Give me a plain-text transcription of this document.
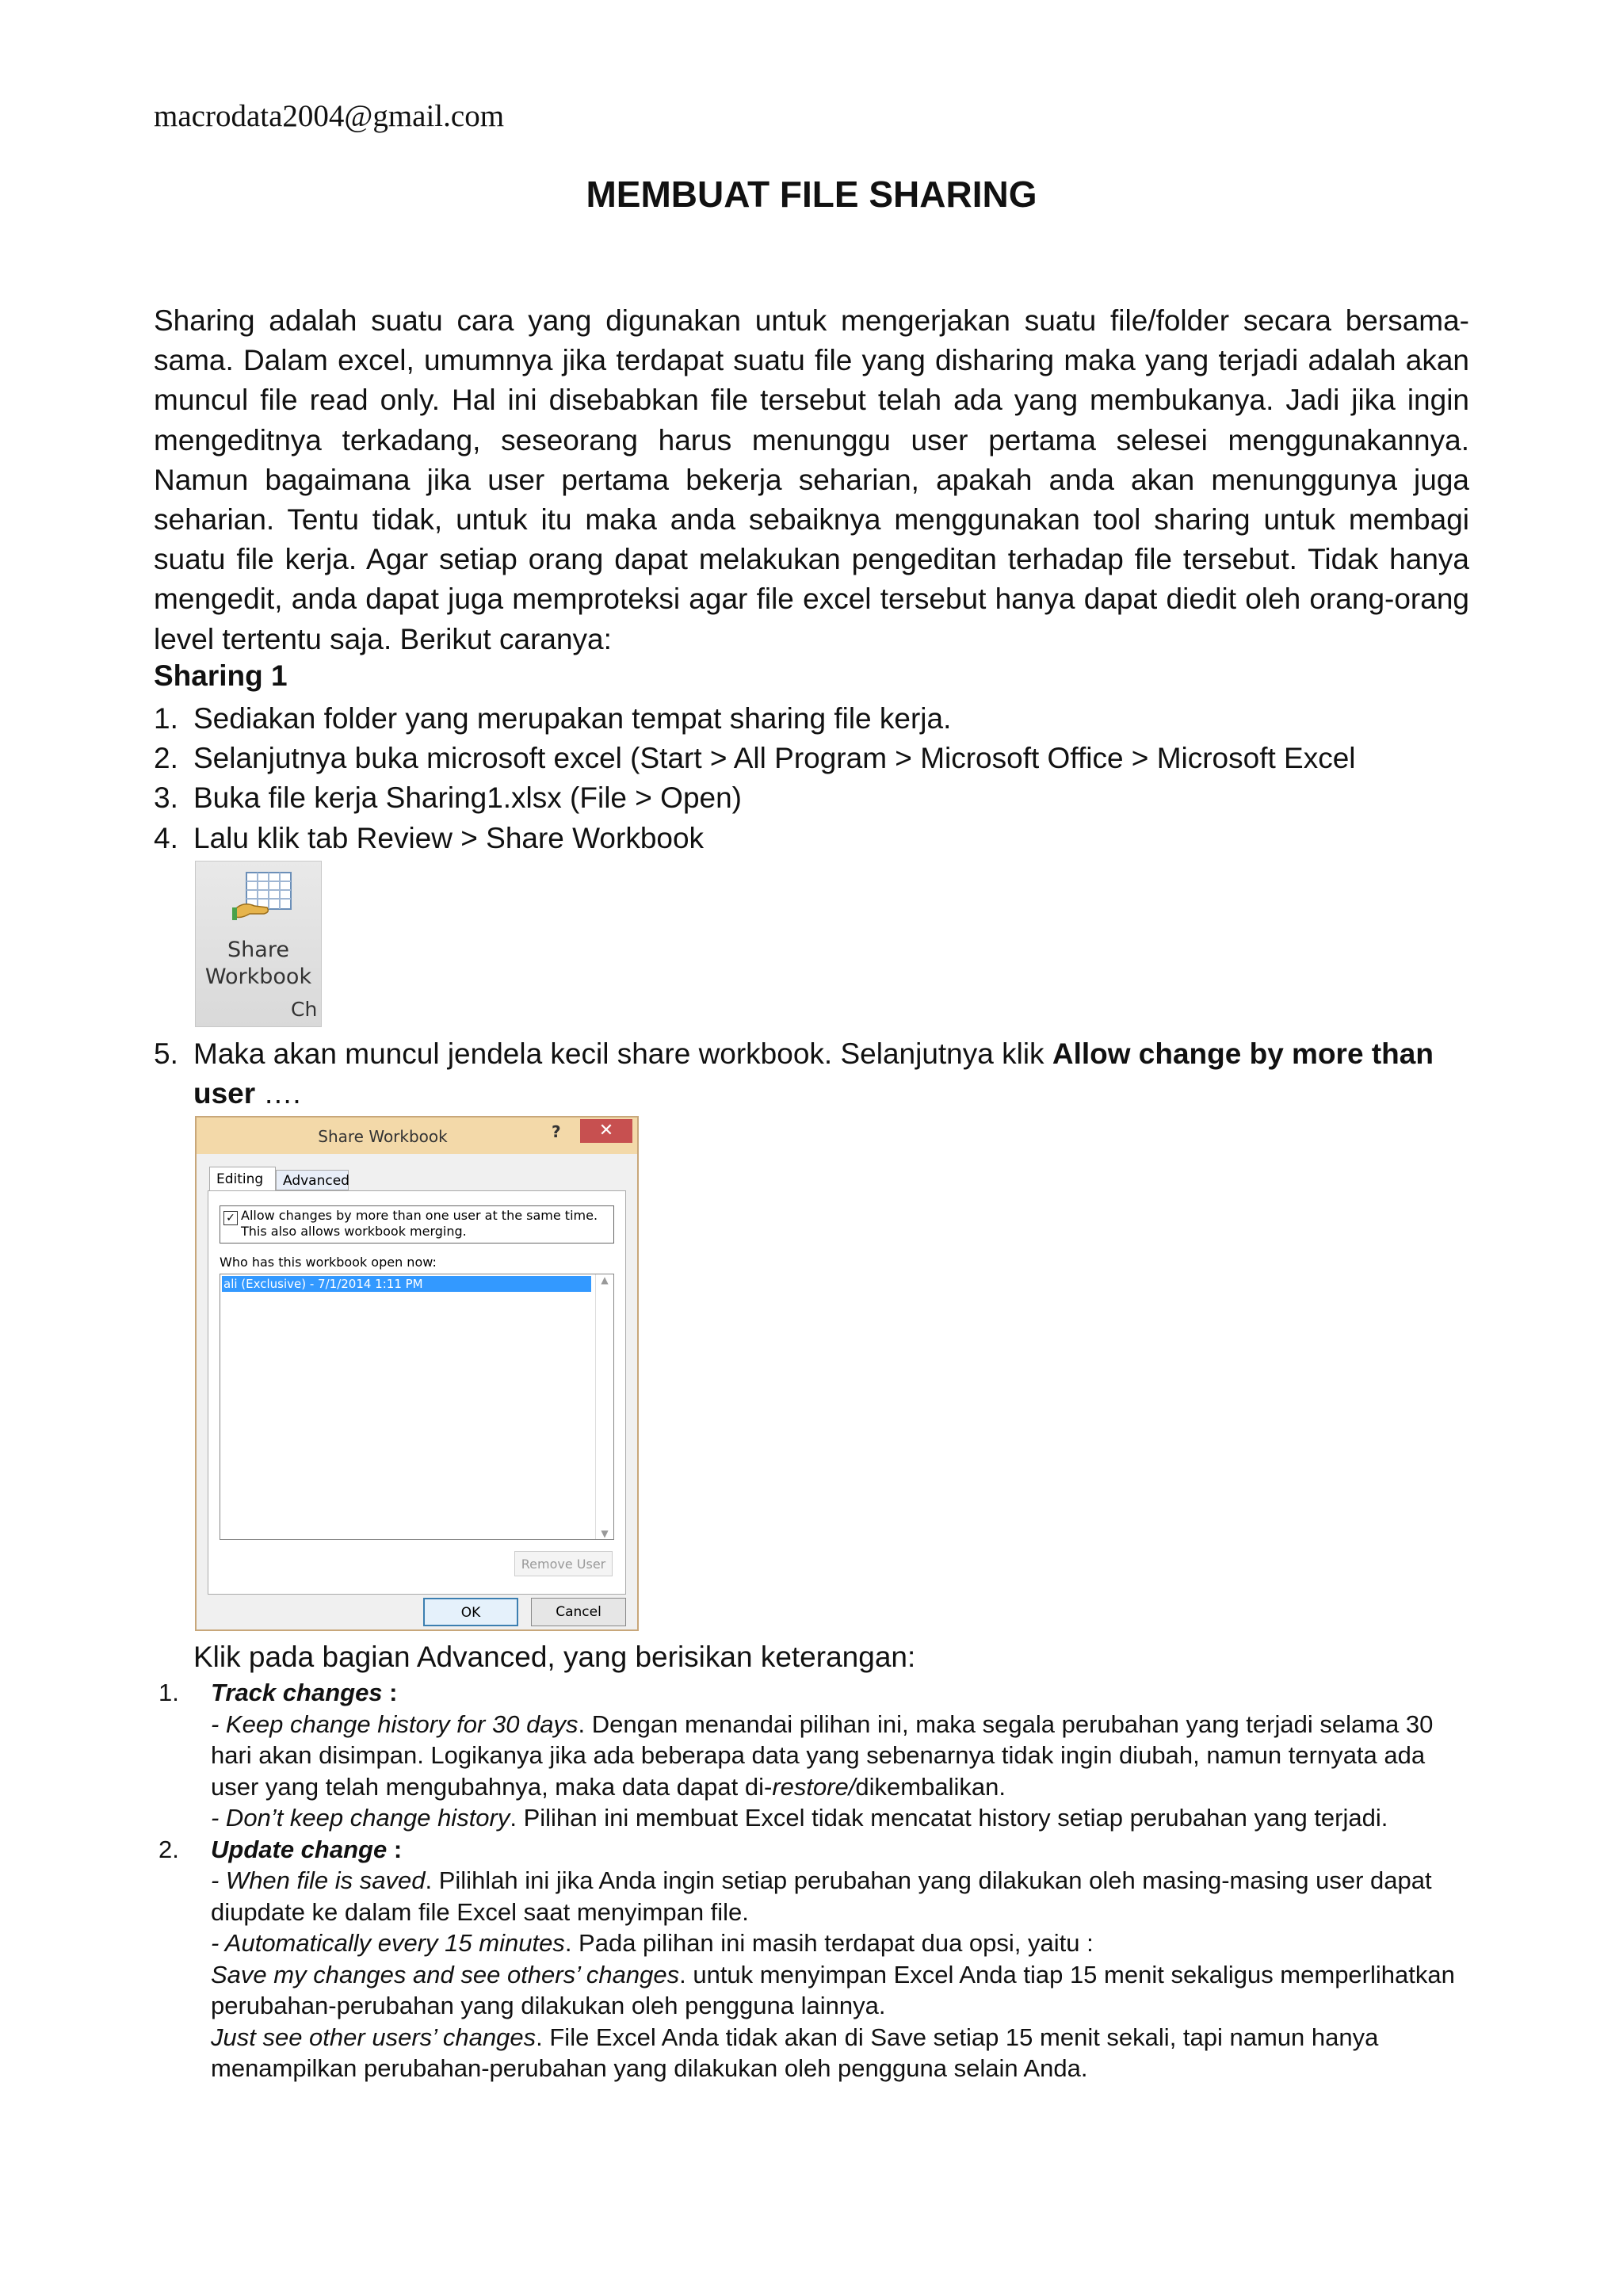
macrodata2004@gmail.com
MEMBUAT FILE SHARING

Sharing adalah suatu cara yang digunakan untuk mengerjakan suatu file/folder secara bersama-sama. Dalam excel, umumnya jika terdapat suatu file yang disharing maka yang terjadi adalah akan muncul file read only. Hal ini disebabkan file tersebut telah ada yang membukanya. Jadi jika ingin mengeditnya terkadang, seseorang harus menunggu user pertama selesei menggunakannya. Namun bagaimana jika user pertama bekerja seharian, apakah anda akan menunggunya juga seharian. Tentu tidak, untuk itu maka anda sebaiknya menggunakan tool sharing untuk membagi suatu file kerja. Agar setiap orang dapat melakukan pengeditan terhadap file tersebut. Tidak hanya mengedit, anda dapat juga memproteksi agar file excel tersebut hanya dapat diedit oleh orang-orang level tertentu saja. Berikut caranya:

Sharing 1
1. Sediakan folder yang merupakan tempat sharing file kerja.
2. Selanjutnya buka microsoft excel (Start > All Program > Microsoft Office > Microsoft Excel
3. Buka file kerja Sharing1.xlsx (File > Open)
4. Lalu klik tab Review > Share Workbook
Share
Workbook
Ch
5. Maka akan muncul jendela kecil share workbook. Selanjutnya klik Allow change by more than user ….
Share Workbook	?	✕
Editing	Advanced
✓ Allow changes by more than one user at the same time. This also allows workbook merging.
Who has this workbook open now:
ali (Exclusive) - 7/1/2014 1:11 PM	▲
▼
Remove User
OK	Cancel
Klik pada bagian Advanced, yang berisikan keterangan:
1. Track changes :

- Keep change history for 30 days. Dengan menandai pilihan ini, maka segala perubahan yang terjadi selama 30 hari akan disimpan. Logikanya jika ada beberapa data yang sebenarnya tidak ingin diubah, namun ternyata ada user yang telah mengubahnya, maka data dapat di-restore/dikembalikan.

- Don’t keep change history. Pilihan ini membuat Excel tidak mencatat history setiap perubahan yang terjadi.

2. Update change :

- When file is saved. Pilihlah ini jika Anda ingin setiap perubahan yang dilakukan oleh masing-masing user dapat diupdate ke dalam file Excel saat menyimpan file.

- Automatically every 15 minutes. Pada pilihan ini masih terdapat dua opsi, yaitu :

Save my changes and see others’ changes. untuk menyimpan Excel Anda tiap 15 menit sekaligus memperlihatkan perubahan-perubahan yang dilakukan oleh pengguna lainnya.

Just see other users’ changes. File Excel Anda tidak akan di Save setiap 15 menit sekali, tapi namun hanya menampilkan perubahan-perubahan yang dilakukan oleh pengguna selain Anda.
